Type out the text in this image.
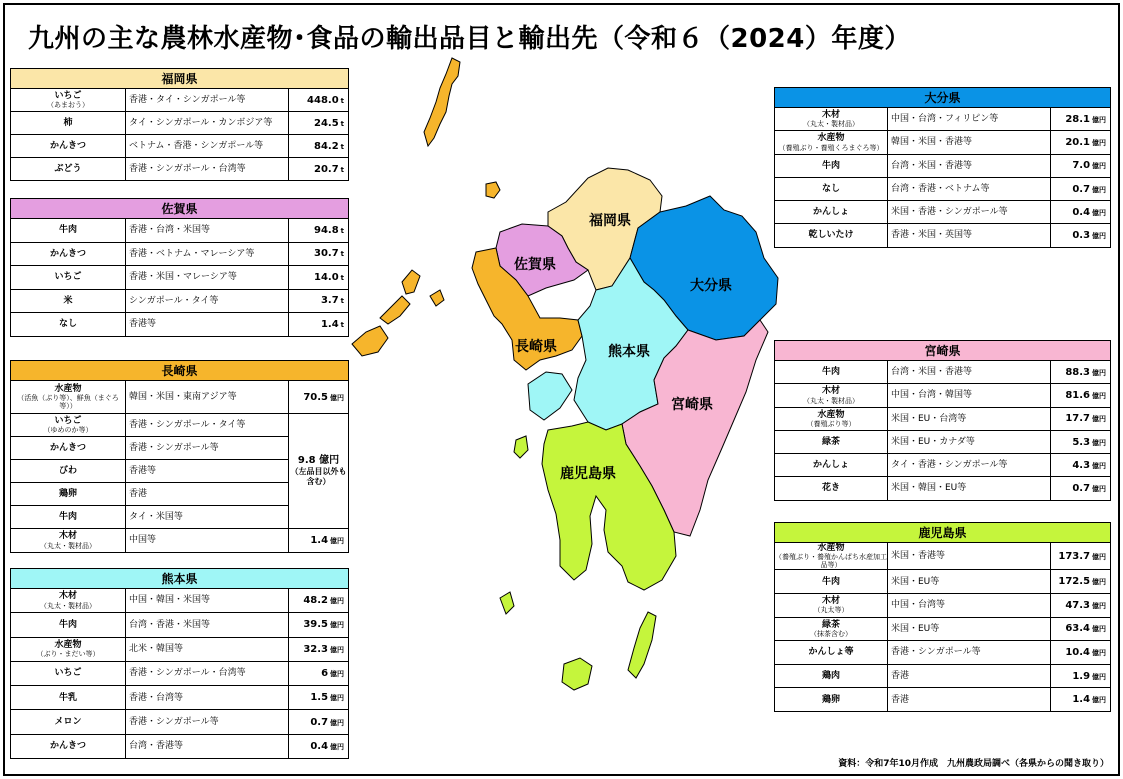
九州の主な農林水産物･食品の輸出品目と輸出先（令和６（2024）年度）
福岡県
佐賀県
大分県
長崎県	熊本県
宮崎県
鹿児島県
福岡県		
いちご
（あまおう）	香港・タイ・シンガポール等	448.0 t
柿	タイ・シンガポール・カンボジア等	24.5 t
かんきつ	ベトナム・香港・シンガポール等	84.2 t
ぶどう	香港・シンガポール・台湾等	20.7 t
佐賀県		
牛肉	香港・台湾・米国等	94.8 t
かんきつ	香港・ベトナム・マレーシア等	30.7 t
いちご	香港・米国・マレーシア等	14.0 t
米	シンガポール・タイ等	3.7 t
なし	香港等	1.4 t
長崎県		
水産物
（活魚（ぶり等）、鮮魚（まぐろ等））	韓国・米国・東南アジア等	70.5 億円
いちご
（ゆめのか等）	香港・シンガポール・タイ等	9.8 億円
（左品目以外も含む）

かんきつ	香港・シンガポール等	
びわ	香港等	
鶏卵	香港	
牛肉	タイ・米国等	
木材
（丸太・製材品）	中国等	1.4 億円
熊本県		
木材
（丸太・製材品）	中国・韓国・米国等	48.2 億円
牛肉	台湾・香港・米国等	39.5 億円
水産物
（ぶり・まだい等）	北米・韓国等	32.3 億円
いちご	香港・シンガポール・台湾等	6 億円
牛乳	香港・台湾等	1.5 億円
メロン	香港・シンガポール等	0.7 億円
かんきつ	台湾・香港等	0.4 億円
大分県		
木材
（丸太・製材品）	中国・台湾・フィリピン等	28.1 億円
水産物
（養殖ぶり・養殖くろまぐろ等）	韓国・米国・香港等	20.1 億円
牛肉	台湾・米国・香港等	7.0 億円
なし	台湾・香港・ベトナム等	0.7 億円
かんしょ	米国・香港・シンガポール等	0.4 億円
乾しいたけ	香港・米国・英国等	0.3 億円
宮崎県		
牛肉	台湾・米国・香港等	88.3 億円
木材
（丸太・製材品）	中国・台湾・韓国等	81.6 億円
水産物
（養殖ぶり等）	米国・EU・台湾等	17.7 億円
緑茶	米国・EU・カナダ等	5.3 億円
かんしょ	タイ・香港・シンガポール等	4.3 億円
花き	米国・韓国・EU等	0.7 億円
鹿児島県		
水産物
（養殖ぶり・養殖かんぱち水産加工品等）	米国・香港等	173.7 億円
牛肉	米国・EU等	172.5 億円
木材
（丸太等）	中国・台湾等	47.3 億円
緑茶
（抹茶含む）	米国・EU等	63.4 億円
かんしょ等	香港・シンガポール等	10.4 億円
鶏肉	香港	1.9 億円
鶏卵	香港	1.4 億円
資料：令和7年10月作成　九州農政局調べ（各県からの聞き取り）
